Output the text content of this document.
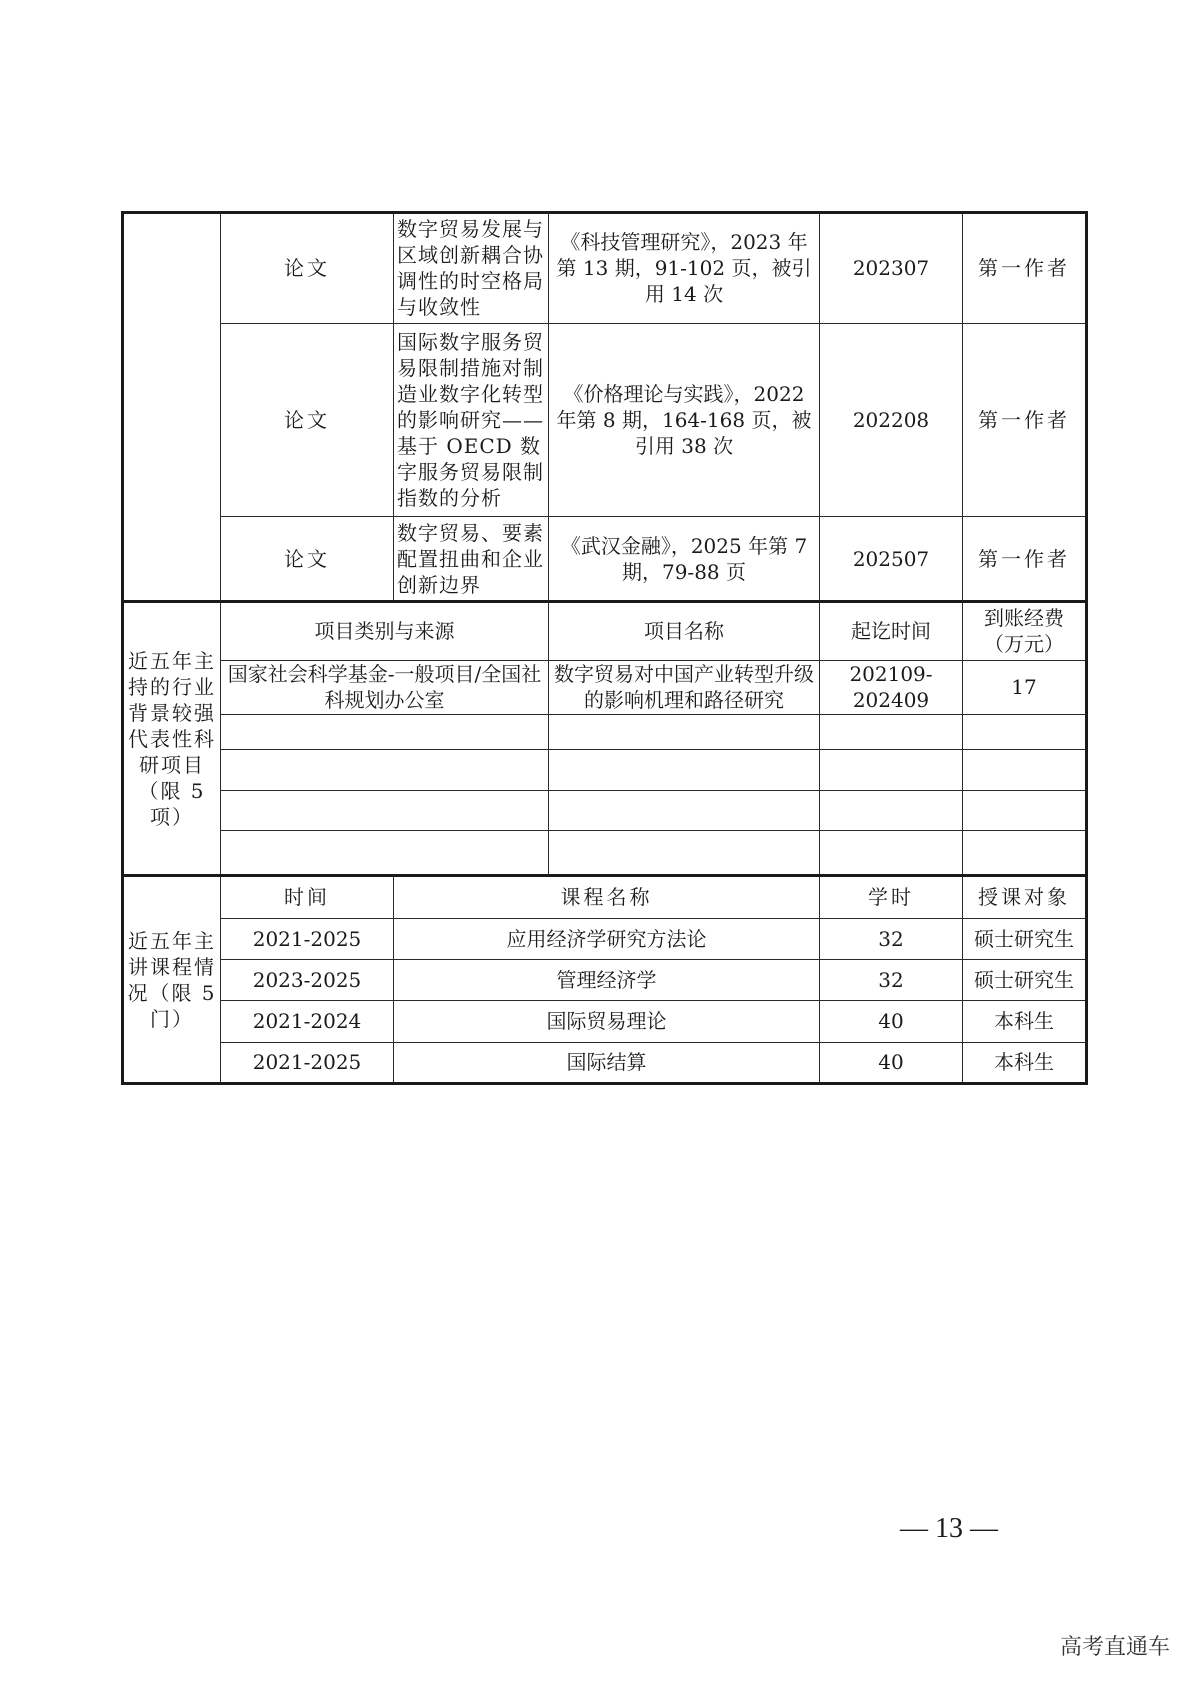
	论文	数字贸易发展与区域创新耦合协调性的时空格局与收敛性	《科技管理研究》，2023 年第 13 期，91-102 页，被引用 14 次	202307	第一作者
	论文	国际数字服务贸易限制措施对制造业数字化转型的影响研究——基于 OECD 数字服务贸易限制指数的分析	《价格理论与实践》，2022 年第 8 期，164-168 页，被引用 38 次	202208	第一作者
	论文	数字贸易、要素配置扭曲和企业创新边界	《武汉金融》，2025 年第 7 期，79-88 页	202507	第一作者
近五年主持的行业背景较强代表性科研项目（限 5 项）	项目类别与来源		项目名称	起讫时间	到账经费（万元）
	国家社会科学基金-一般项目/全国社科规划办公室		数字贸易对中国产业转型升级的影响机理和路径研究	202109-202409	17

近五年主讲课程情况（限 5 门）	时间	课程名称		学时	授课对象
	2021-2025	应用经济学研究方法论		32	硕士研究生
	2023-2025	管理经济学		32	硕士研究生
	2021-2024	国际贸易理论		40	本科生
	2021-2025	国际结算		40	本科生
— 13 —
高考直通车
